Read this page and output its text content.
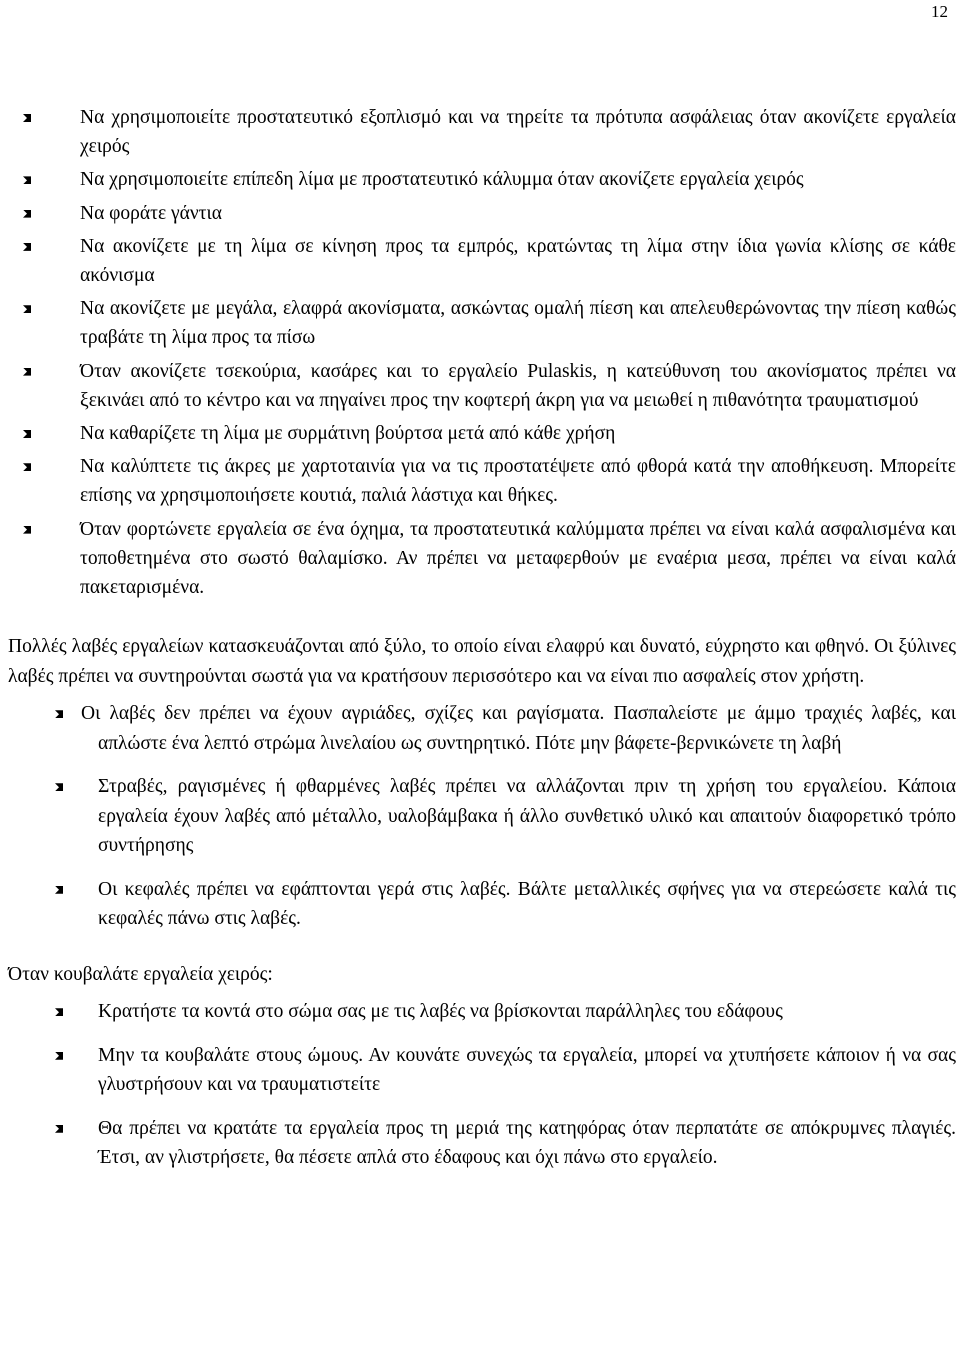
12
Να χρησιμοποιείτε προστατευτικό εξοπλισμό και να τηρείτε τα πρότυπα ασφάλειας όταν ακονίζετε εργαλεία χειρός
Να χρησιμοποιείτε επίπεδη λίμα με προστατευτικό κάλυμμα όταν ακονίζετε εργαλεία χειρός
Να φοράτε γάντια
Να ακονίζετε με τη λίμα σε κίνηση προς τα εμπρός, κρατώντας τη λίμα στην ίδια γωνία κλίσης σε κάθε ακόνισμα
Να ακονίζετε με μεγάλα, ελαφρά ακονίσματα, ασκώντας ομαλή πίεση και απελευθερώνοντας την πίεση καθώς τραβάτε τη λίμα προς τα πίσω
Όταν ακονίζετε τσεκούρια, κασάρες και το εργαλείο Pulaskis, η κατεύθυνση του ακονίσματος πρέπει να ξεκινάει από το κέντρο και να πηγαίνει προς την κοφτερή άκρη για να μειωθεί η πιθανότητα τραυματισμού
Να καθαρίζετε τη λίμα με συρμάτινη βούρτσα μετά από κάθε χρήση
Να καλύπτετε τις άκρες με χαρτοταινία για να τις προστατέψετε από φθορά κατά την αποθήκευση. Μπορείτε επίσης να χρησιμοποιήσετε κουτιά, παλιά λάστιχα και θήκες.
Όταν φορτώνετε εργαλεία σε ένα όχημα, τα προστατευτικά καλύμματα πρέπει να είναι καλά ασφαλισμένα και τοποθετημένα στο σωστό θαλαμίσκο. Αν πρέπει να μεταφερθούν με εναέρια μεσα, πρέπει να είναι καλά πακεταρισμένα.

Πολλές λαβές εργαλείων κατασκευάζονται από ξύλο, το οποίο είναι ελαφρύ και δυνατό, εύχρηστο και φθηνό. Οι ξύλινες λαβές πρέπει να συντηρούνται σωστά για να κρατήσουν περισσότερο και να είναι πιο ασφαλείς στον χρήστη.

Οι λαβές δεν πρέπει να έχουν αγριάδες, σχίζες και ραγίσματα. Πασπαλείστε με άμμο τραχιές λαβές, και απλώστε ένα λεπτό στρώμα λινελαίου ως συντηρητικό. Πότε μην βάφετε-βερνικώνετε τη λαβή
Στραβές, ραγισμένες ή φθαρμένες λαβές πρέπει να αλλάζονται πριν τη χρήση του εργαλείου. Κάποια εργαλεία έχουν λαβές από μέταλλο, υαλοβάμβακα ή άλλο συνθετικό υλικό και απαιτούν διαφορετικό τρόπο συντήρησης
Οι κεφαλές πρέπει να εφάπτονται γερά στις λαβές. Βάλτε μεταλλικές σφήνες για να στερεώσετε καλά τις κεφαλές πάνω στις λαβές.

Όταν κουβαλάτε εργαλεία χειρός:

Κρατήστε τα κοντά στο σώμα σας με τις λαβές να βρίσκονται παράλληλες του εδάφους
Μην τα κουβαλάτε στους ώμους. Αν κουνάτε συνεχώς τα εργαλεία, μπορεί να χτυπήσετε κάποιον ή να σας γλυστρήσουν και να τραυματιστείτε
Θα πρέπει να κρατάτε τα εργαλεία προς τη μεριά της κατηφόρας όταν περπατάτε σε απόκρυμνες πλαγιές. Έτσι, αν γλιστρήσετε, θα πέσετε απλά στο έδαφους και όχι πάνω στο εργαλείο.
